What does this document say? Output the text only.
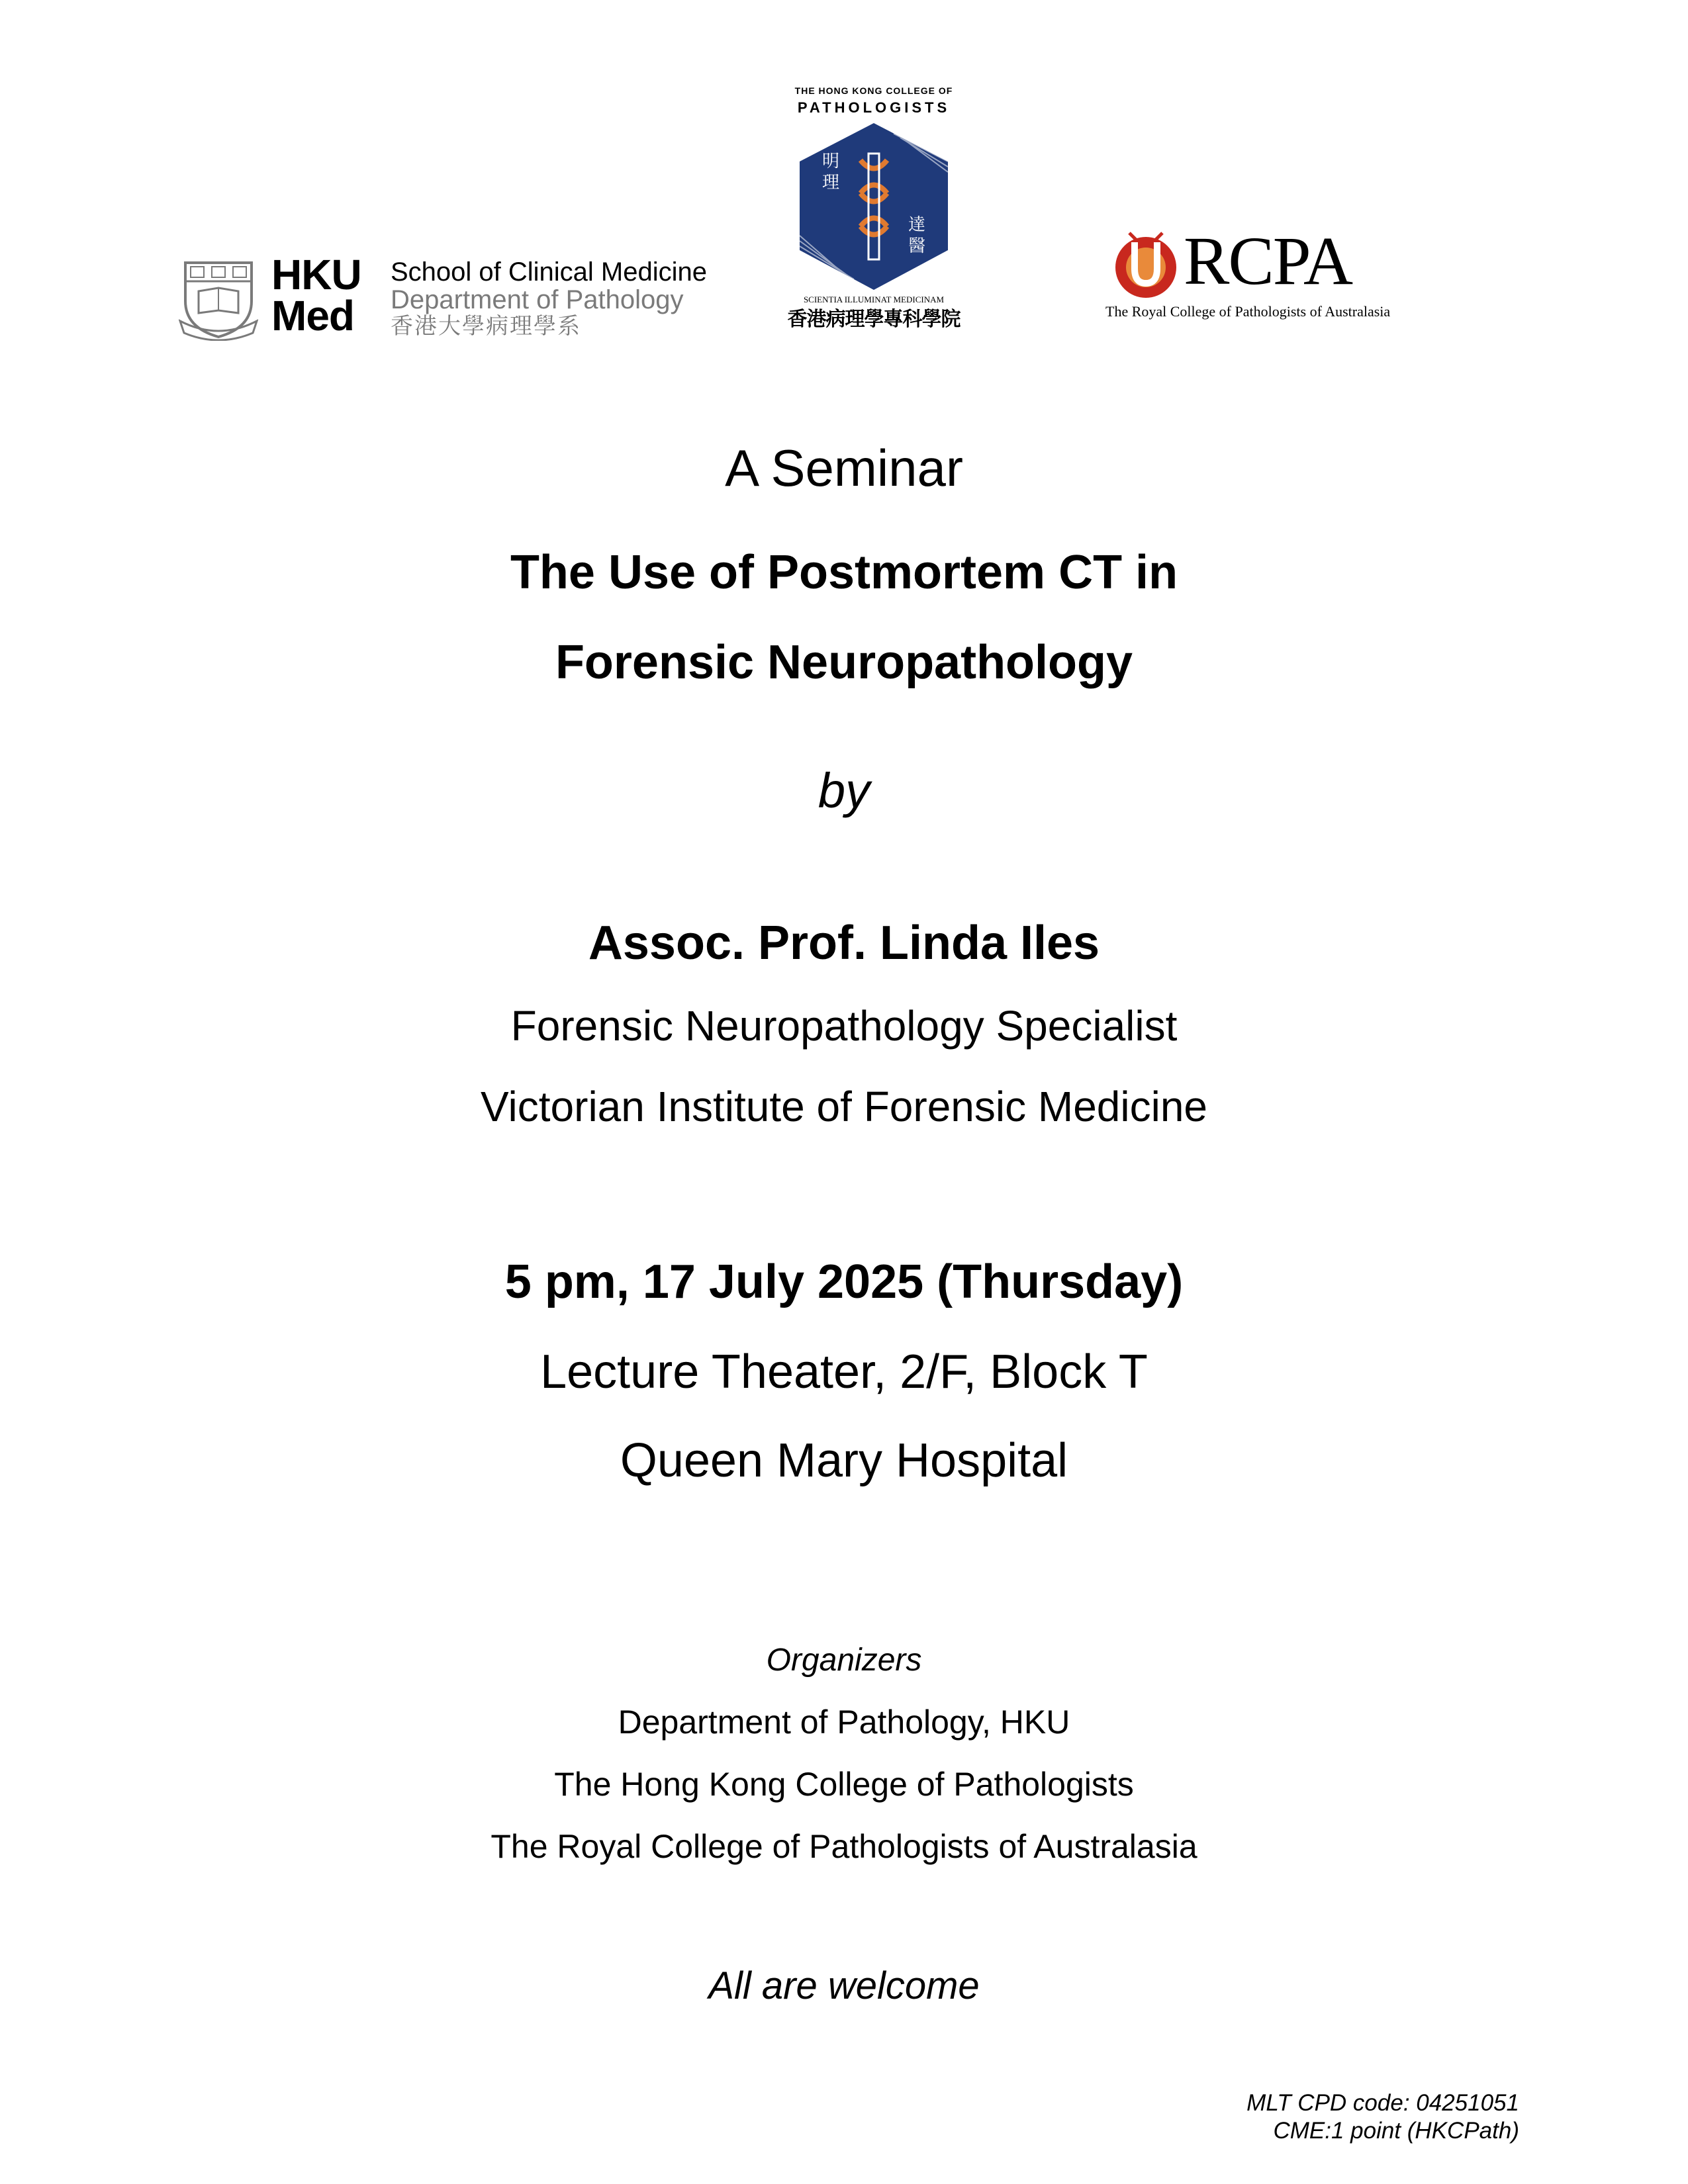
HKU
Med
School of Clinical Medicine
Department of Pathology
香港大學病理學系
THE HONG KONG COLLEGE OF
PATHOLOGISTS
明
理
達
醫
SCIENTIA ILLUMINAT MEDICINAM
香港病理學專科學院
RCPA
The Royal College of Pathologists of Australasia
A Seminar
The Use of Postmortem CT in
Forensic Neuropathology
by
Assoc. Prof. Linda Iles
Forensic Neuropathology Specialist
Victorian Institute of Forensic Medicine
5 pm, 17 July 2025 (Thursday)
Lecture Theater, 2/F, Block T
Queen Mary Hospital
Organizers
Department of Pathology, HKU
The Hong Kong College of Pathologists
The Royal College of Pathologists of Australasia
All are welcome
MLT CPD code: 04251051
CME:1 point (HKCPath)
